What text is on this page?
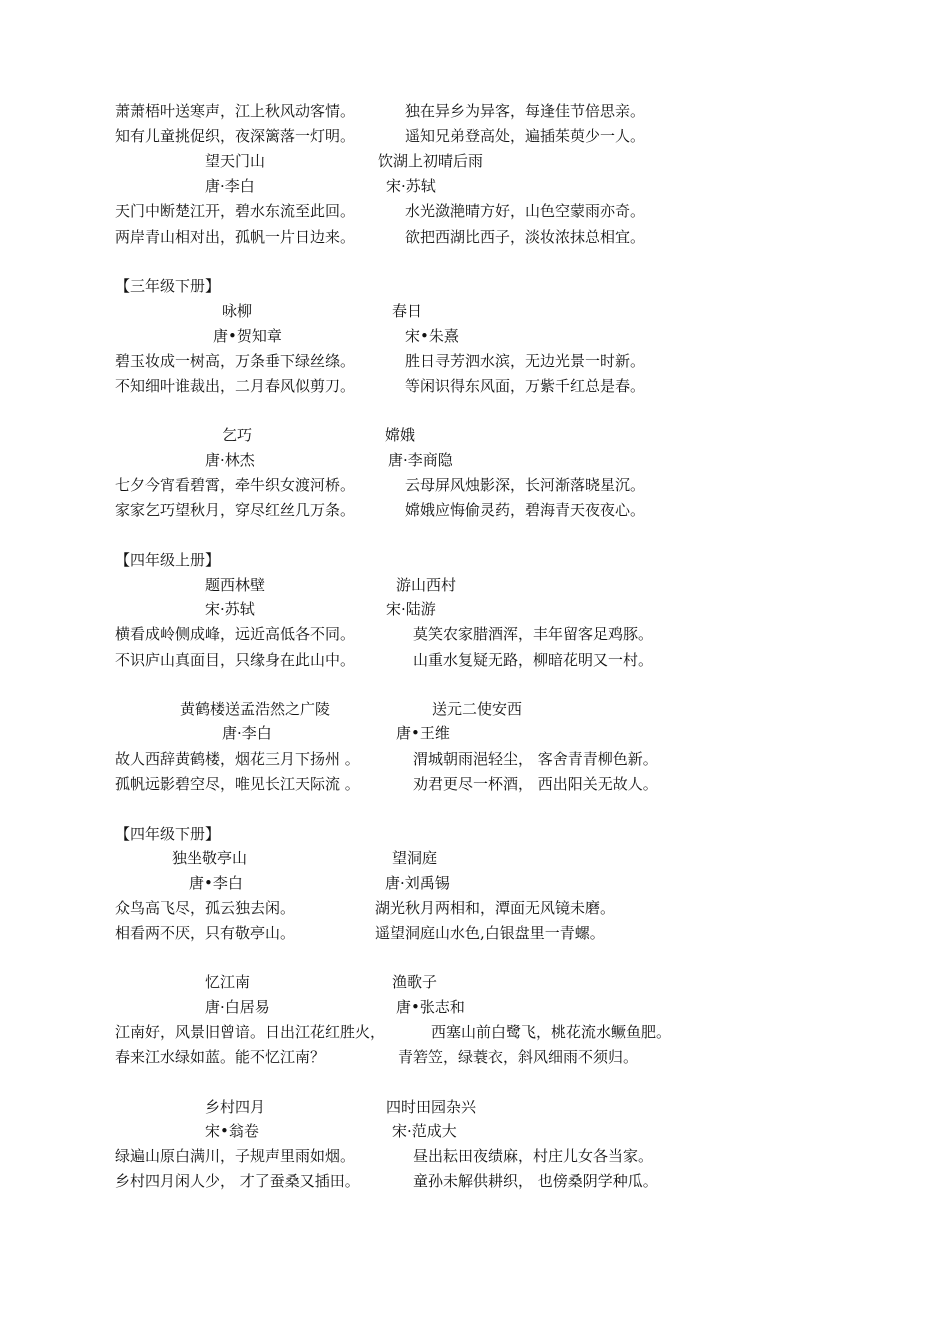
萧萧梧叶送寒声，江上秋风动客情。	独在异乡为异客，每逢佳节倍思亲。
知有儿童挑促织，夜深篱落一灯明。	遥知兄弟登高处，遍插茱萸少一人。
望天门山	饮湖上初晴后雨
唐·李白	宋·苏轼
天门中断楚江开，碧水东流至此回。	水光潋滟晴方好，山色空蒙雨亦奇。
两岸青山相对出，孤帆一片日边来。	欲把西湖比西子，淡妆浓抹总相宜。
【三年级下册】
咏柳	春日
唐•贺知章	宋•朱熹
碧玉妆成一树高，万条垂下绿丝绦。	胜日寻芳泗水滨，无边光景一时新。
不知细叶谁裁出，二月春风似剪刀。	等闲识得东风面，万紫千红总是春。
乞巧	嫦娥
唐·林杰	唐·李商隐
七夕今宵看碧霄，牵牛织女渡河桥。	云母屏风烛影深，长河渐落晓星沉。
家家乞巧望秋月，穿尽红丝几万条。	嫦娥应悔偷灵药，碧海青天夜夜心。
【四年级上册】
题西林壁	游山西村
宋·苏轼	宋·陆游
横看成岭侧成峰，远近高低各不同。	莫笑农家腊酒浑，丰年留客足鸡豚。
不识庐山真面目，只缘身在此山中。	山重水复疑无路，柳暗花明又一村。
黄鹤楼送孟浩然之广陵	送元二使安西
唐·李白	唐•王维
故人西辞黄鹤楼，烟花三月下扬州 。	渭城朝雨浥轻尘， 客舍青青柳色新。
孤帆远影碧空尽，唯见长江天际流 。	劝君更尽一杯酒， 西出阳关无故人。
【四年级下册】
独坐敬亭山	望洞庭
唐•李白	唐·刘禹锡
众鸟高飞尽，孤云独去闲。	湖光秋月两相和，潭面无风镜未磨。
相看两不厌，只有敬亭山。	遥望洞庭山水色,白银盘里一青螺。
忆江南	渔歌子
唐·白居易	唐•张志和
江南好，风景旧曾谙。日出江花红胜火，	西塞山前白鹭飞，桃花流水鳜鱼肥。
春来江水绿如蓝。能不忆江南？	青箬笠，绿蓑衣，斜风细雨不须归。
乡村四月	四时田园杂兴
宋•翁卷	宋·范成大
绿遍山原白满川，子规声里雨如烟。	昼出耘田夜绩麻，村庄儿女各当家。
乡村四月闲人少， 才了蚕桑又插田。	童孙未解供耕织， 也傍桑阴学种瓜。
